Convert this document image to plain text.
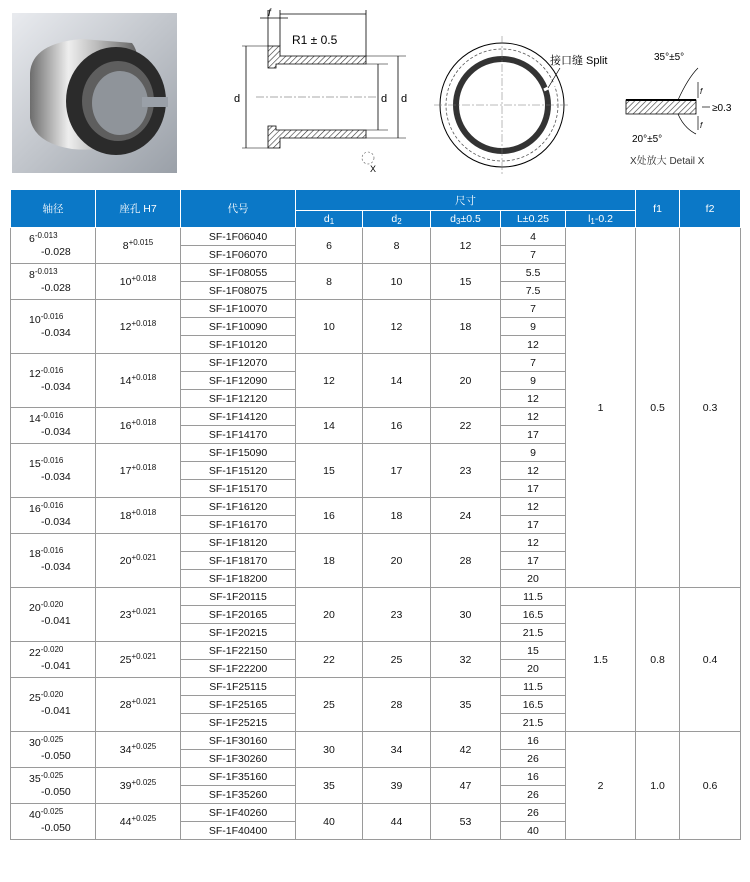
f
R1 ± 0.5
d	d d
X
接口缝 Split	35°±5°
f
f
≥0.3
20°±5°
X处放大 Detail X
轴径	座孔 H7	代号	尺寸					f1	f2
			$d_1$	$d_2$	$d_3\pm 0.5$	L±0.25	$l_1-0.2$		

$6^{-0.013}$
-0.028	$8^{+0.015}$	SF-1F06040	6	8	12	4	1	0.5	0.3
		SF-1F06070				7			

$8^{-0.013}$
-0.028	$10^{+0.018}$	SF-1F08055	8	10	15	5.5			
		SF-1F08075				7.5			

$10^{-0.016}$
-0.034	$12^{+0.018}$	SF-1F10070	10	12	18	7			
		SF-1F10090				9			
		SF-1F10120				12			

$12^{-0.016}$
-0.034	$14^{+0.018}$	SF-1F12070	12	14	20	7			
		SF-1F12090				9			
		SF-1F12120				12			

$14^{-0.016}$
-0.034	$16^{+0.018}$	SF-1F14120	14	16	22	12			
		SF-1F14170				17			

$15^{-0.016}$
-0.034	$17^{+0.018}$	SF-1F15090	15	17	23	9			
		SF-1F15120				12			
		SF-1F15170				17			

$16^{-0.016}$
-0.034	$18^{+0.018}$	SF-1F16120	16	18	24	12			
		SF-1F16170				17			

$18^{-0.016}$
-0.034	$20^{+0.021}$	SF-1F18120	18	20	28	12			
		SF-1F18170				17			
		SF-1F18200				20			

$20^{-0.020}$
-0.041	$23^{+0.021}$	SF-1F20115	20	23	30	11.5	1.5	0.8	0.4
		SF-1F20165				16.5			
		SF-1F20215				21.5			

$22^{-0.020}$
-0.041	$25^{+0.021}$	SF-1F22150	22	25	32	15			
		SF-1F22200				20			

$25^{-0.020}$
-0.041	$28^{+0.021}$	SF-1F25115	25	28	35	11.5			
		SF-1F25165				16.5			
		SF-1F25215				21.5			

$30^{-0.025}$
-0.050	$34^{+0.025}$	SF-1F30160	30	34	42	16	2	1.0	0.6
		SF-1F30260				26			

$35^{-0.025}$
-0.050	$39^{+0.025}$	SF-1F35160	35	39	47	16			
		SF-1F35260				26			

$40^{-0.025}$
-0.050	$44^{+0.025}$	SF-1F40260	40	44	53	26			
		SF-1F40400				40			
